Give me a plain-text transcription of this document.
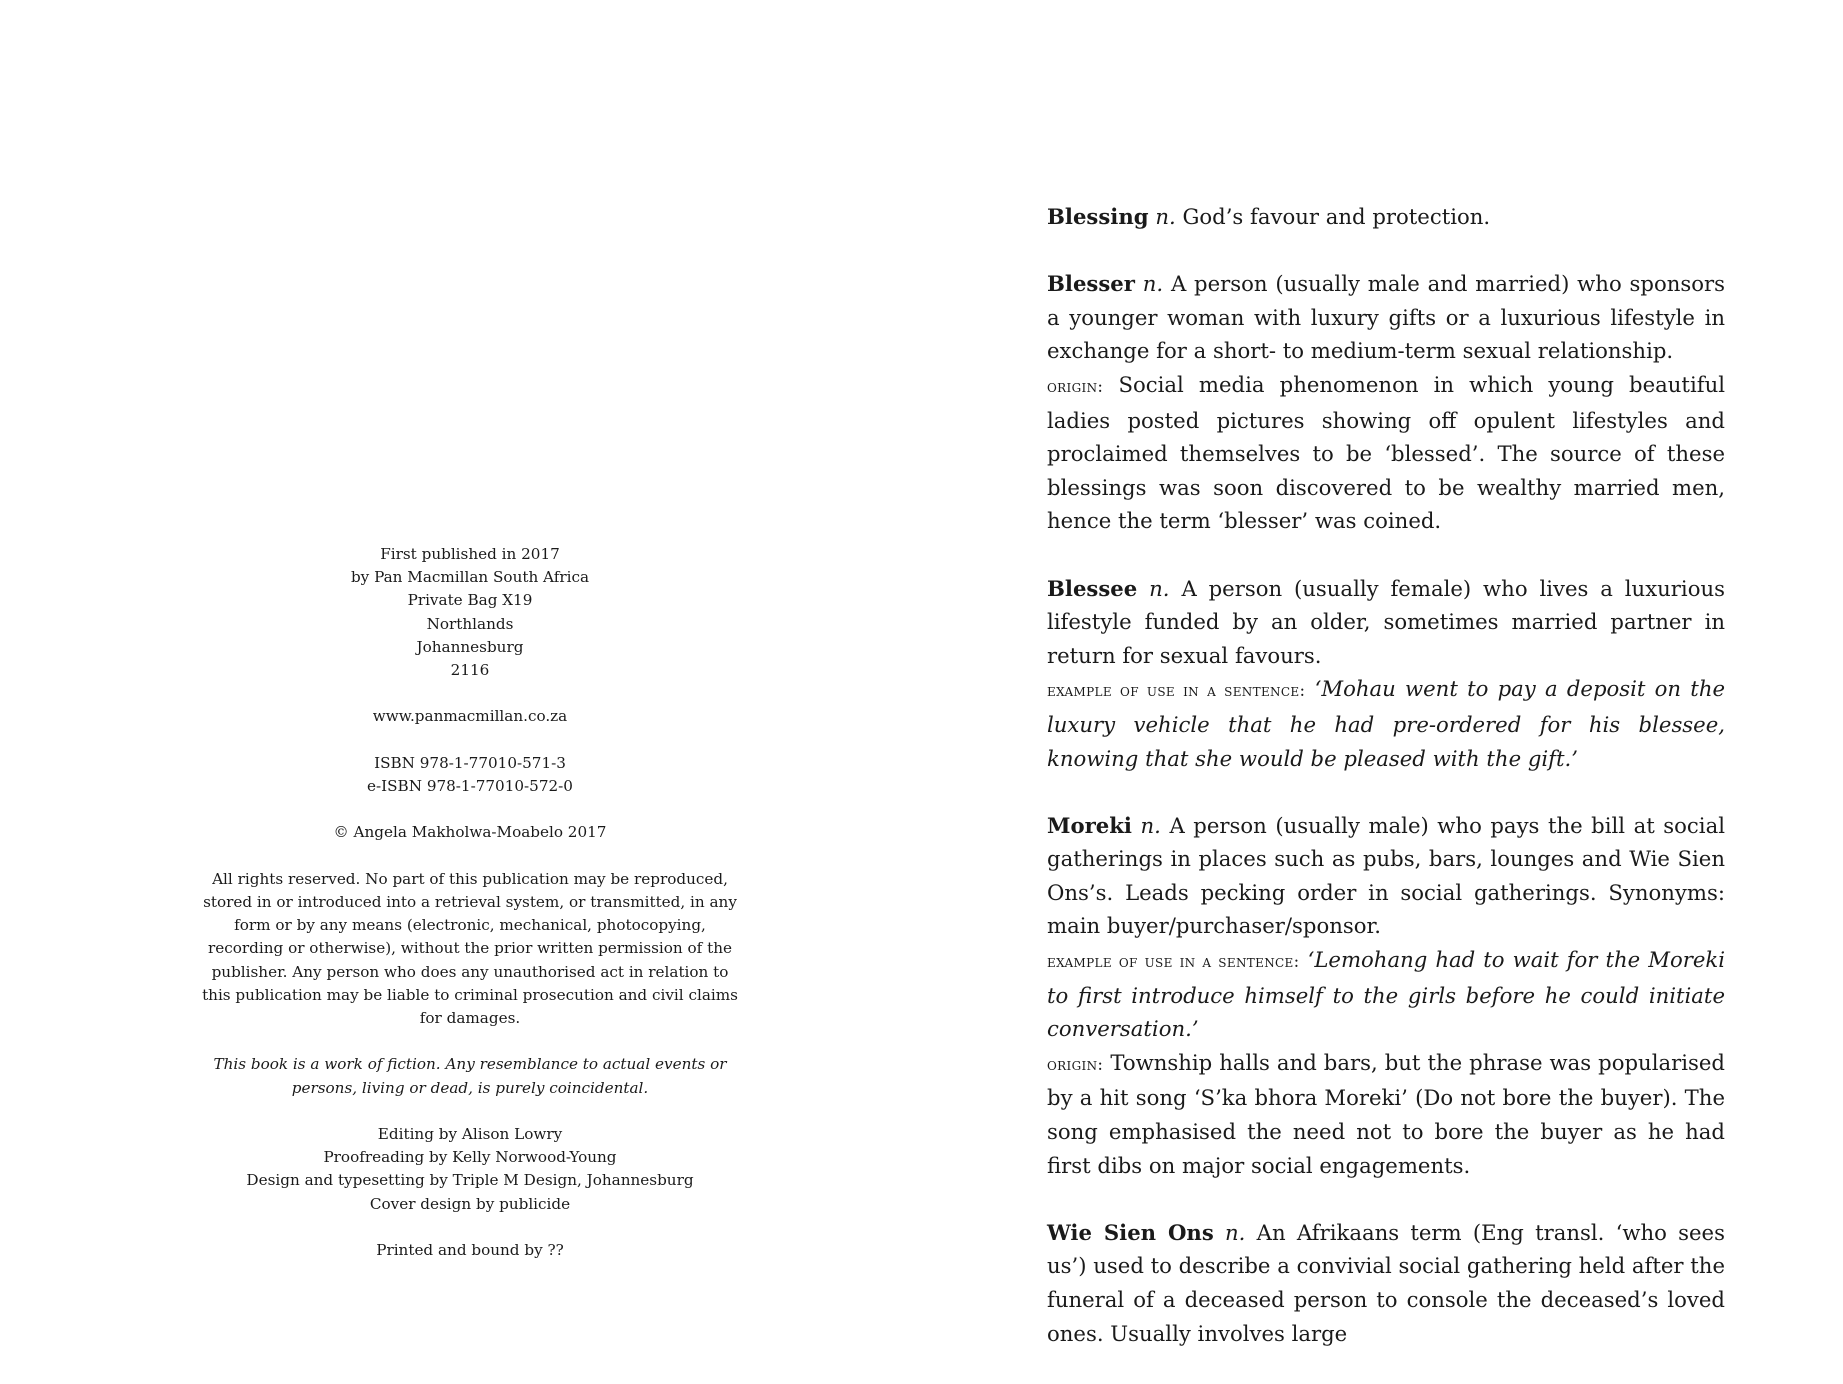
First published in 2017
by Pan Macmillan South Africa
Private Bag X19
Northlands
Johannesburg
2116
www.panmacmillan.co.za
ISBN 978-1-77010-571-3
e-ISBN 978-1-77010-572-0
© Angela Makholwa-Moabelo 2017
All rights reserved. No part of this publication may be reproduced, stored in or introduced into a retrieval system, or transmitted, in any form or by any means (electronic, mechanical, photocopying, recording or otherwise), without the prior written permission of the publisher. Any person who does any unauthorised act in relation to this publication may be liable to criminal prosecution and civil claims for damages.
This book is a work of fiction. Any resemblance to actual events or persons, living or dead, is purely coincidental.
Editing by Alison Lowry
Proofreading by Kelly Norwood-Young
Design and typesetting by Triple M Design, Johannesburg
Cover design by publicide
Printed and bound by ??

Blessing n. God’s favour and protection.

Blesser n. A person (usually male and married) who sponsors a younger woman with luxury gifts or a luxurious lifestyle in exchange for a short- to medium-term sexual relationship.

origin: Social media phenomenon in which young beautiful ladies posted pictures showing off opulent lifestyles and proclaimed themselves to be ‘blessed’. The source of these blessings was soon discovered to be wealthy married men, hence the term ‘blesser’ was coined.

Blessee n. A person (usually female) who lives a luxurious lifestyle funded by an older, sometimes married partner in return for sexual favours.

example of use in a sentence: ‘Mohau went to pay a deposit on the luxury vehicle that he had pre-ordered for his blessee, knowing that she would be pleased with the gift.’

Moreki n. A person (usually male) who pays the bill at social gatherings in places such as pubs, bars, lounges and Wie Sien Ons’s. Leads pecking order in social gatherings. Synonyms: main buyer/purchaser/sponsor.

example of use in a sentence: ‘Lemohang had to wait for the Moreki to first introduce himself to the girls before he could initiate conversation.’

origin: Township halls and bars, but the phrase was popularised by a hit song ‘S’ka bhora Moreki’ (Do not bore the buyer). The song emphasised the need not to bore the buyer as he had first dibs on major social engagements.

Wie Sien Ons n. An Afrikaans term (Eng transl. ‘who sees us’) used to describe a convivial social gathering held after the funeral of a deceased person to console the deceased’s loved ones. Usually involves large
